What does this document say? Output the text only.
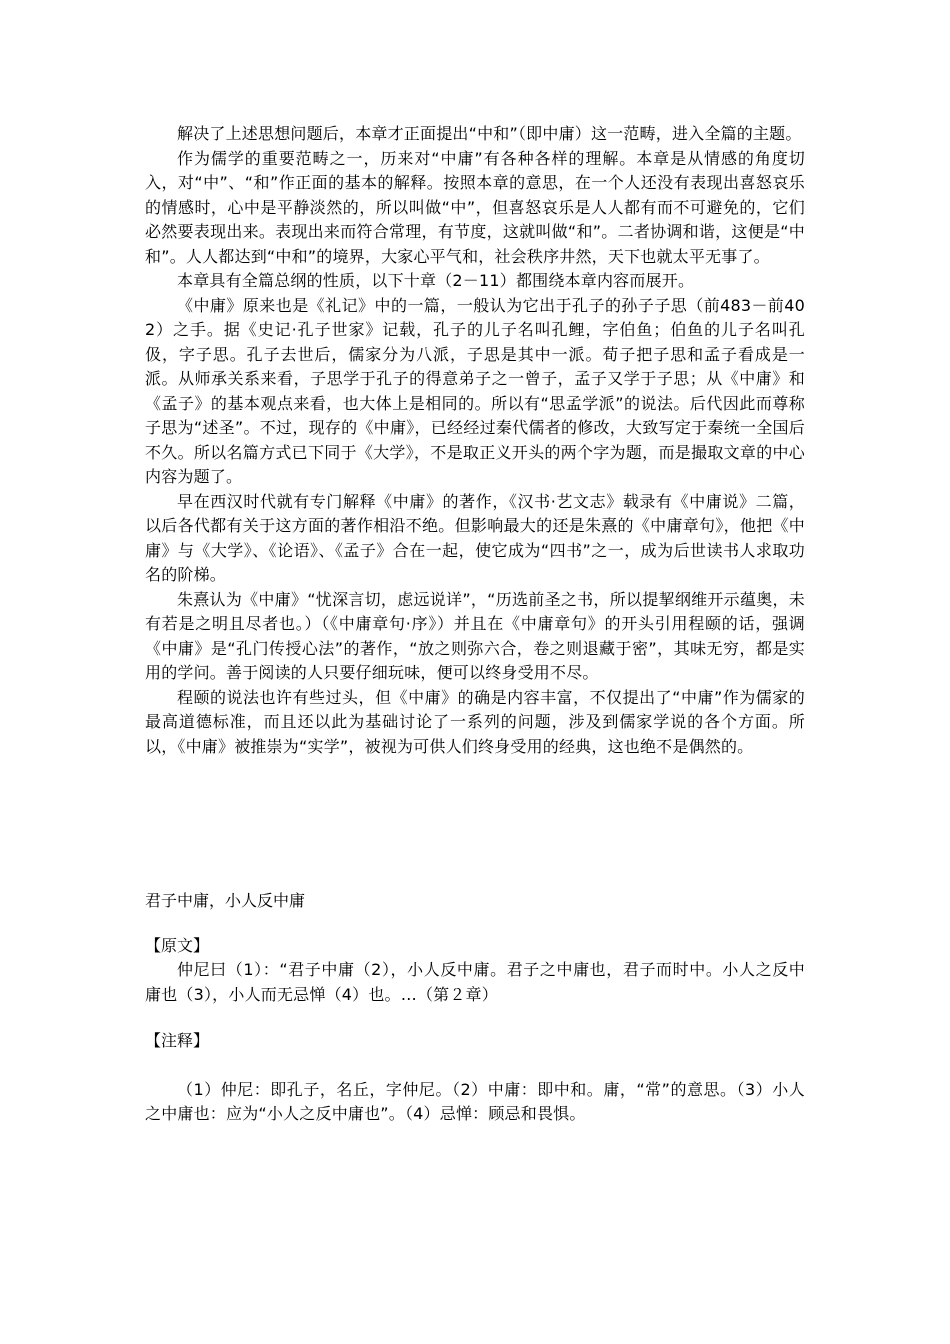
解决了上述思想问题后，本章才正面提出“中和”（即中庸）这一范畴，进入全篇的主题。

作为儒学的重要范畴之一，历来对“中庸”有各种各样的理解。本章是从情感的角度切入，对“中”、“和”作正面的基本的解释。按照本章的意思，在一个人还没有表现出喜怒哀乐的情感时，心中是平静淡然的，所以叫做“中”，但喜怒哀乐是人人都有而不可避免的，它们必然要表现出来。表现出来而符合常理，有节度，这就叫做“和”。二者协调和谐，这便是“中和”。人人都达到“中和”的境界，大家心平气和，社会秩序井然，天下也就太平无事了。

本章具有全篇总纲的性质，以下十章（2－11）都围绕本章内容而展开。

《中庸》原来也是《礼记》中的一篇，一般认为它出于孔子的孙子子思（前483－前402）之手。据《史记·孔子世家》记载，孔子的儿子名叫孔鲤，字伯鱼；伯鱼的儿子名叫孔伋，字子思。孔子去世后，儒家分为八派，子思是其中一派。荀子把子思和孟子看成是一派。从师承关系来看，子思学于孔子的得意弟子之一曾子，孟子又学于子思；从《中庸》和《孟子》的基本观点来看，也大体上是相同的。所以有“思孟学派”的说法。后代因此而尊称子思为“述圣”。不过，现存的《中庸》，已经经过秦代儒者的修改，大致写定于秦统一全国后不久。所以名篇方式已下同于《大学》，不是取正义开头的两个字为题，而是撮取文章的中心内容为题了。

早在西汉时代就有专门解释《中庸》的著作，《汉书·艺文志》载录有《中庸说》二篇，以后各代都有关于这方面的著作相沿不绝。但影响最大的还是朱熹的《中庸章句》，他把《中庸》与《大学》、《论语》、《孟子》合在一起，使它成为“四书”之一，成为后世读书人求取功名的阶梯。

朱熹认为《中庸》“忧深言切，虑远说详”，“历选前圣之书，所以提挈纲维开示蕴奥，未有若是之明且尽者也。）（《中庸章句·序》）并且在《中庸章句》的开头引用程颐的话，强调《中庸》是“孔门传授心法”的著作，“放之则弥六合，卷之则退藏于密”，其味无穷，都是实用的学问。善于阅读的人只要仔细玩味，便可以终身受用不尽。

程颐的说法也许有些过头，但《中庸》的确是内容丰富，不仅提出了“中庸”作为儒家的最高道德标准，而且还以此为基础讨论了一系列的问题，涉及到儒家学说的各个方面。所以，《中庸》被推崇为“实学”，被视为可供人们终身受用的经典，这也绝不是偶然的。

君子中庸，小人反中庸

【原文】

仲尼曰（1）：“君子中庸（2），小人反中庸。君子之中庸也，君子而时中。小人之反中庸也（3），小人而无忌惮（4）也。…（第２章）

【注释】

（1）仲尼：即孔子，名丘，字仲尼。（2）中庸：即中和。庸，“常”的意思。（3）小人之中庸也：应为“小人之反中庸也”。（4）忌惮：顾忌和畏惧。
